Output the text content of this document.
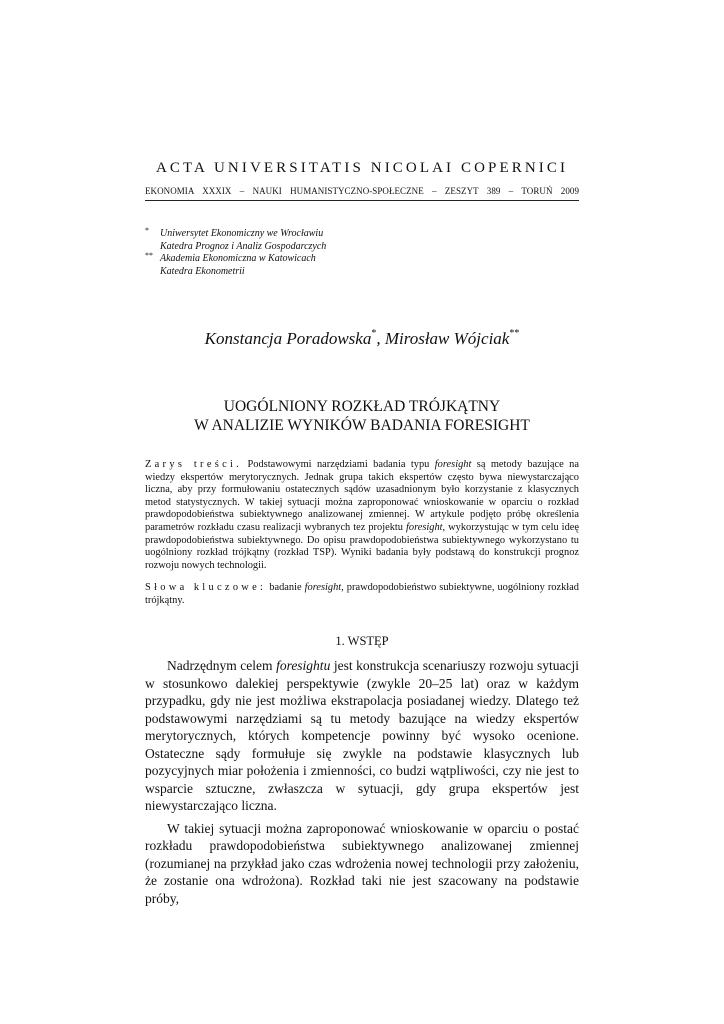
ACTA UNIVERSITATIS NICOLAI COPERNICI
EKONOMIA XXXIX – NAUKI HUMANISTYCZNO-SPOŁECZNE – ZESZYT 389 – TORUŃ 2009
*	Uniwersytet Ekonomiczny we Wrocławiu
Katedra Prognoz i Analiz Gospodarczych
** Akademia Ekonomiczna w Katowicach
Katedra Ekonometrii
Konstancja Poradowska*, Mirosław Wójciak**
UOGÓLNIONY ROZKŁAD TRÓJKĄTNY
W ANALIZIE WYNIKÓW BADANIA FORESIGHT

Zarys treści. Podstawowymi narzędziami badania typu foresight są metody bazujące na wiedzy ekspertów merytorycznych. Jednak grupa takich ekspertów często bywa niewystarczająco liczna, aby przy formułowaniu ostatecznych sądów uzasadnionym było korzystanie z klasycznych metod statystycznych. W takiej sytuacji można zaproponować wnioskowanie w oparciu o rozkład prawdopodobieństwa subiektywnego analizowanej zmiennej. W artykule podjęto próbę określenia parametrów rozkładu czasu realizacji wybranych tez projektu foresight, wykorzystując w tym celu ideę prawdopodobieństwa subiektywnego. Do opisu prawdopodobieństwa subiektywnego wykorzystano tu uogólniony rozkład trójkątny (rozkład TSP). Wyniki badania były podstawą do konstrukcji prognoz rozwoju nowych technologii.

Słowa kluczowe: badanie foresight, prawdopodobieństwo subiektywne, uogólniony rozkład trójkątny.

1. WSTĘP

Nadrzędnym celem foresightu jest konstrukcja scenariuszy rozwoju sytuacji w stosunkowo dalekiej perspektywie (zwykle 20–25 lat) oraz w każdym przypadku, gdy nie jest możliwa ekstrapolacja posiadanej wiedzy. Dlatego też podstawowymi narzędziami są tu metody bazujące na wiedzy ekspertów merytorycznych, których kompetencje powinny być wysoko ocenione. Ostateczne sądy formułuje się zwykle na podstawie klasycznych lub pozycyjnych miar położenia i zmienności, co budzi wątpliwości, czy nie jest to wsparcie sztuczne, zwłaszcza w sytuacji, gdy grupa ekspertów jest niewystarczająco liczna.

W takiej sytuacji można zaproponować wnioskowanie w oparciu o postać rozkładu prawdopodobieństwa subiektywnego analizowanej zmiennej (rozumianej na przykład jako czas wdrożenia nowej technologii przy założeniu, że zostanie ona wdrożona). Rozkład taki nie jest szacowany na podstawie próby,
